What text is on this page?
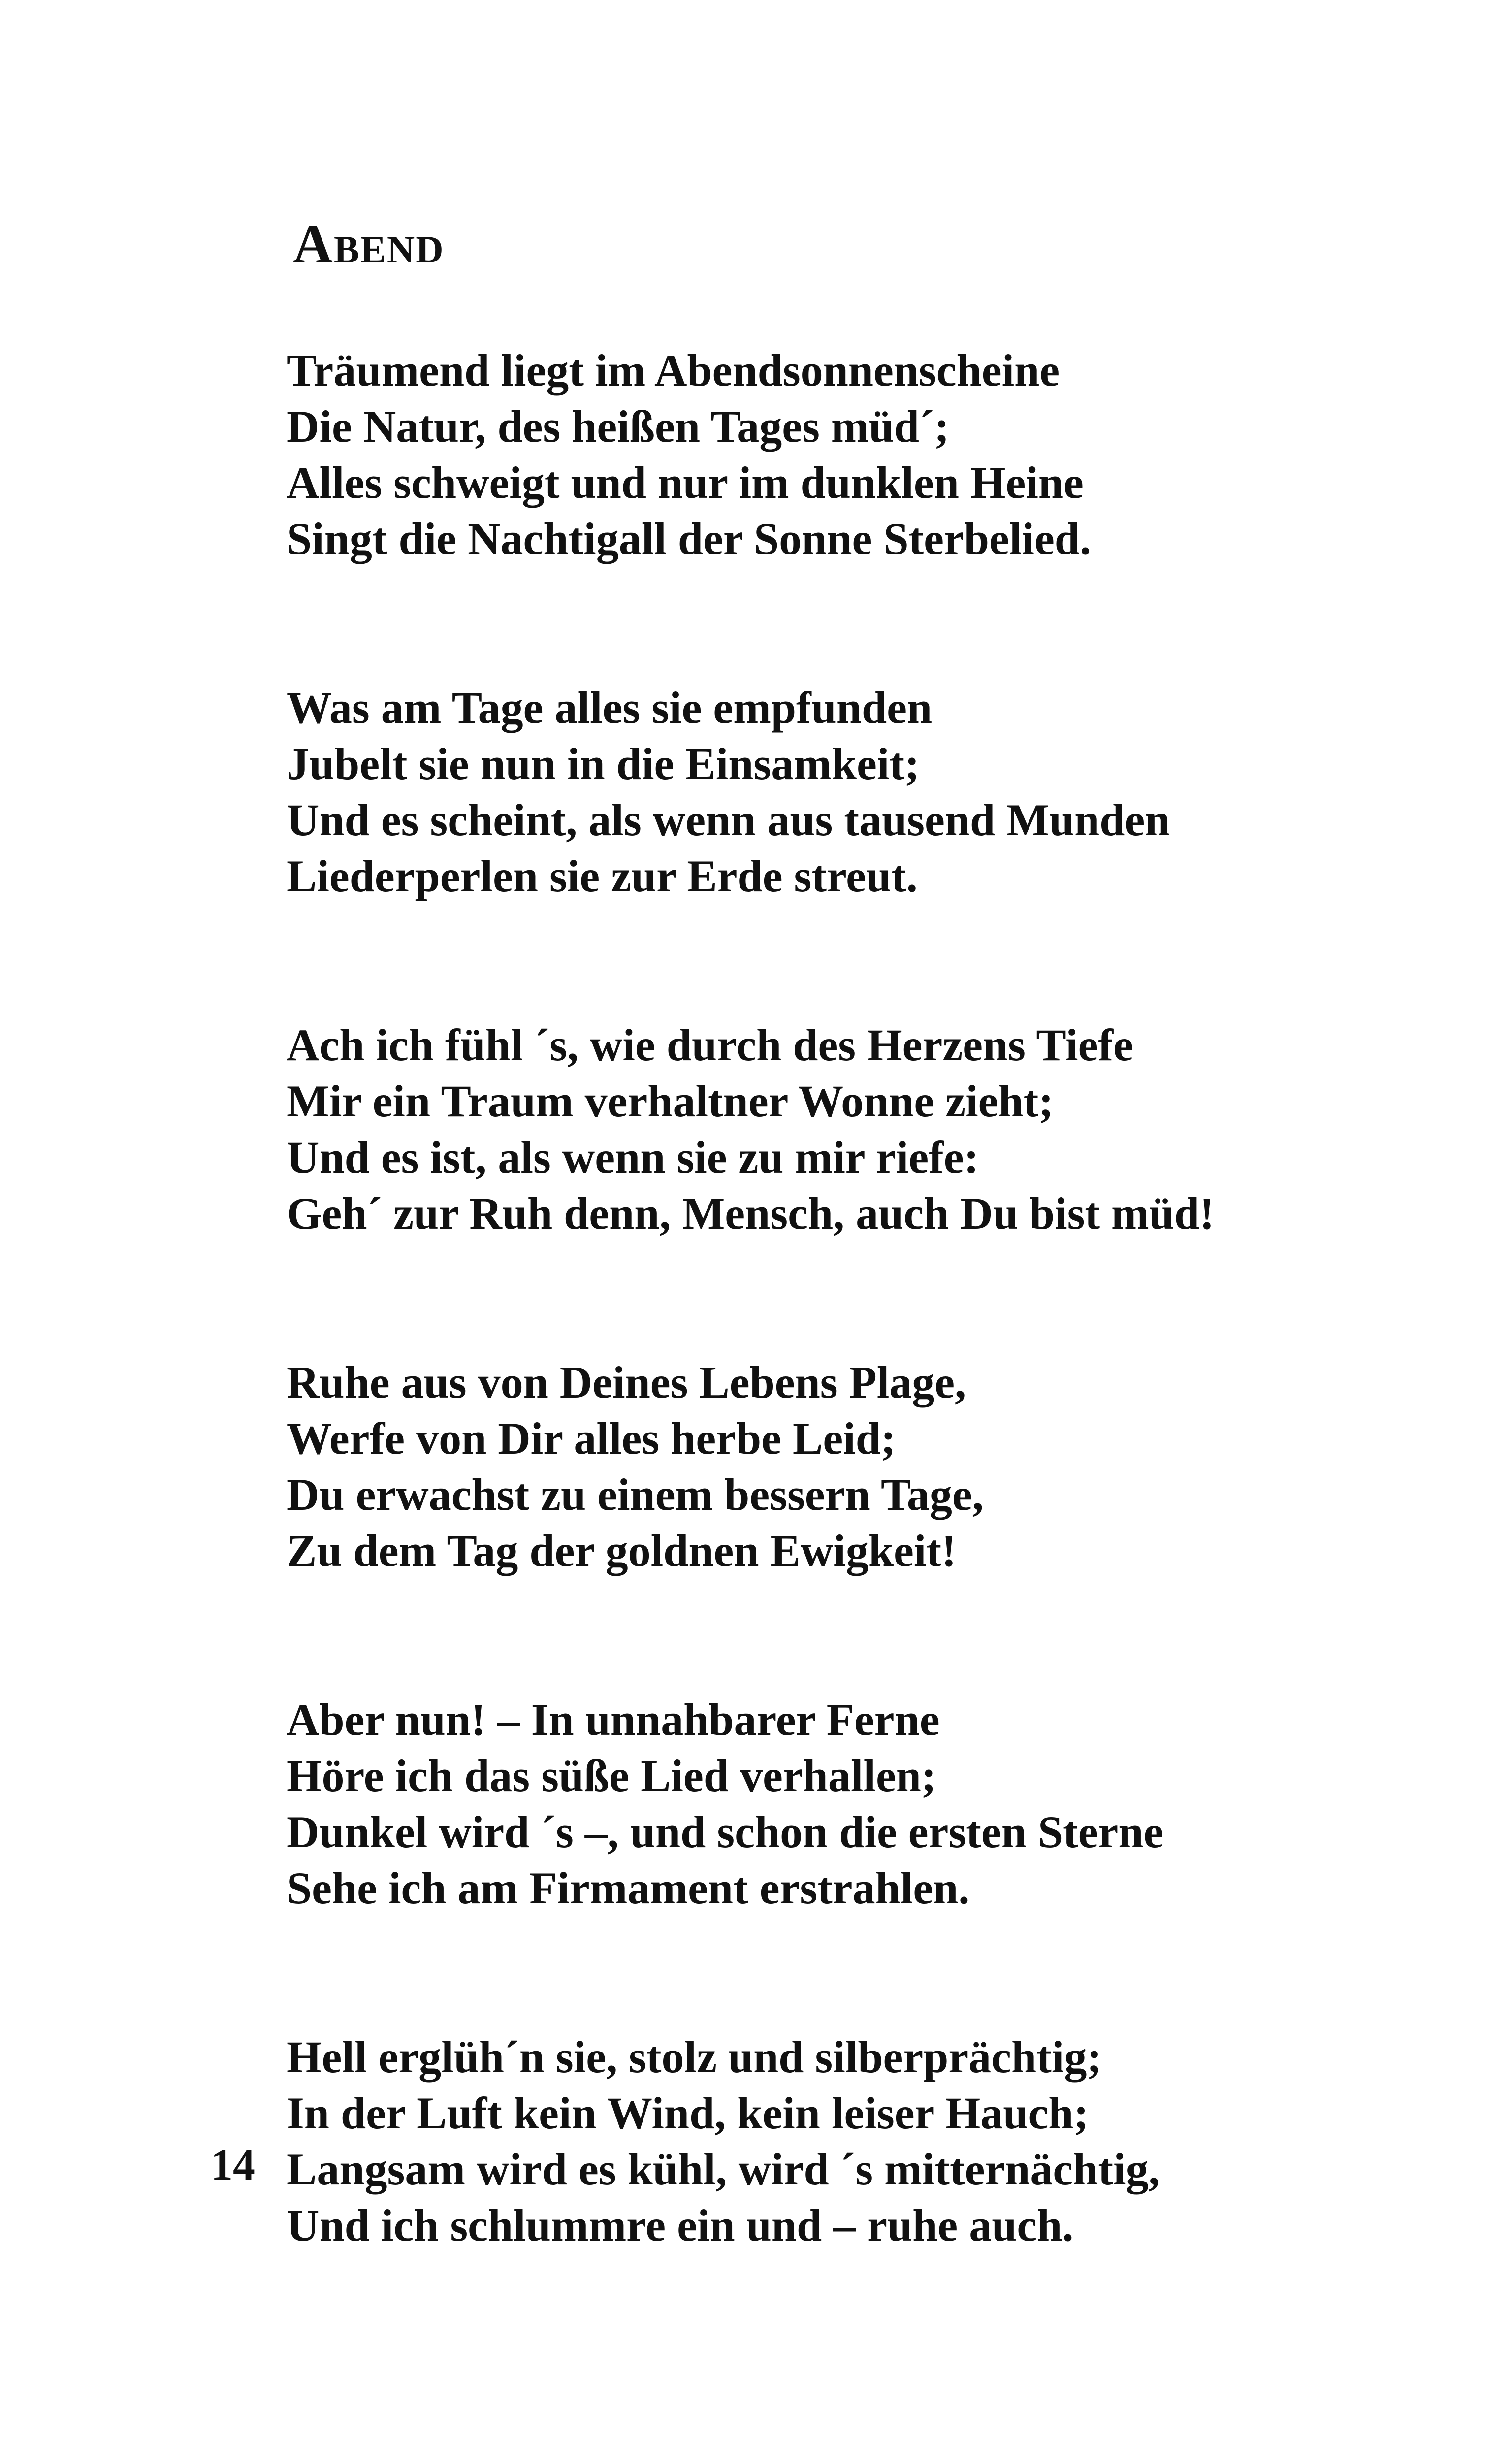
Abend
Träumend liegt im Abendsonnenscheine
Die Natur, des heißen Tages müd´;
Alles schweigt und nur im dunklen Heine
Singt die Nachtigall der Sonne Sterbelied.
Was am Tage alles sie empfunden
Jubelt sie nun in die Einsamkeit;
Und es scheint, als wenn aus tausend Munden
Liederperlen sie zur Erde streut.
Ach ich fühl ´s, wie durch des Herzens Tiefe
Mir ein Traum verhaltner Wonne zieht;
Und es ist, als wenn sie zu mir riefe:
Geh´ zur Ruh denn, Mensch, auch Du bist müd!
Ruhe aus von Deines Lebens Plage,
Werfe von Dir alles herbe Leid;
Du erwachst zu einem bessern Tage,
Zu dem Tag der goldnen Ewigkeit!
Aber nun! – In unnahbarer Ferne
Höre ich das süße Lied verhallen;
Dunkel wird ´s –, und schon die ersten Sterne
Sehe ich am Firmament erstrahlen.
Hell erglüh´n sie, stolz und silberprächtig;
In der Luft kein Wind, kein leiser Hauch;
Langsam wird es kühl, wird ´s mitternächtig,
Und ich schlummre ein und – ruhe auch.
14
